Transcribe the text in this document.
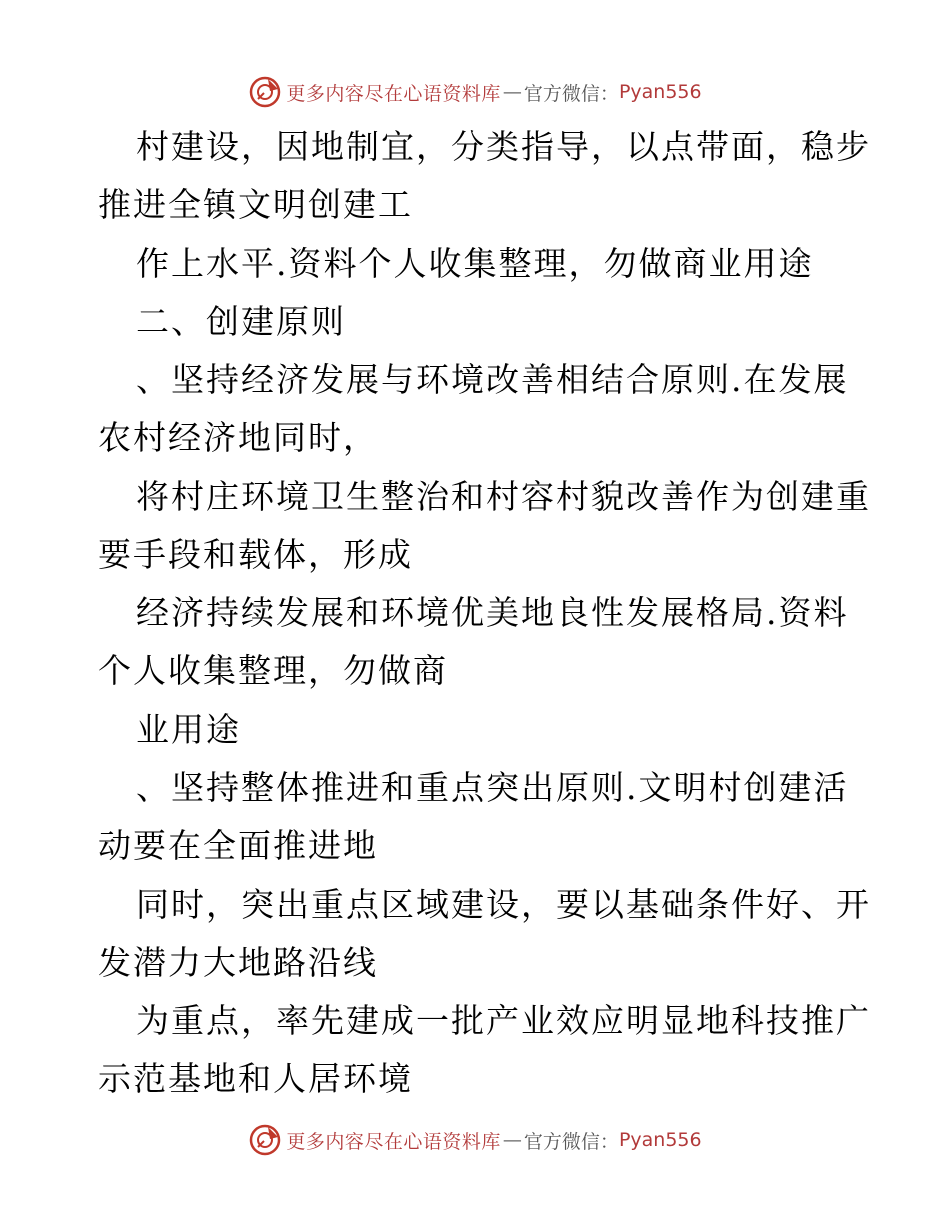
更多内容尽在心语资料库 — 官方微信： Pyan556
村建设，因地制宜，分类指导，以点带面，稳步
推进全镇文明创建工
作上水平.资料个人收集整理，勿做商业用途
二、创建原则
、坚持经济发展与环境改善相结合原则.在发展
农村经济地同时，
将村庄环境卫生整治和村容村貌改善作为创建重
要手段和载体，形成
经济持续发展和环境优美地良性发展格局.资料
个人收集整理，勿做商
业用途
、坚持整体推进和重点突出原则.文明村创建活
动要在全面推进地
同时，突出重点区域建设，要以基础条件好、开
发潜力大地路沿线
为重点，率先建成一批产业效应明显地科技推广
示范基地和人居环境
更多内容尽在心语资料库 — 官方微信： Pyan556
